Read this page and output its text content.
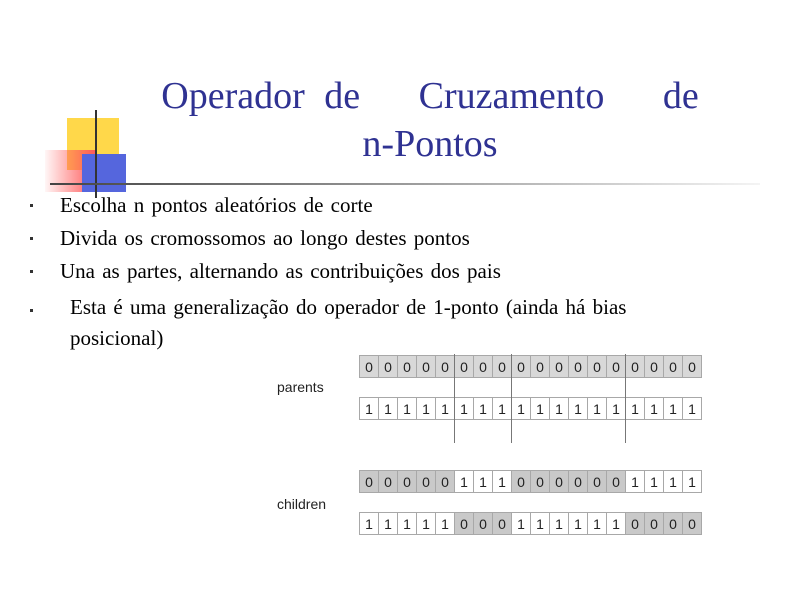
Operador de   Cruzamento   de
n-Pontos
Escolha n pontos aleatórios de corte
Divida os cromossomos ao longo destes pontos
Una as partes, alternando as contribuições dos pais
Esta é uma generalização do operador de 1-ponto (ainda há bias posicional)
parents
children
0 0 0 0 0 0 0 0 0 0 0 0 0 0 0 0 0 0
1 1 1 1 1 1 1 1 1 1 1 1 1 1 1 1 1 1
0 0 0 0 0 1 1 1 0 0 0 0 0 0 1 1 1 1
1 1 1 1 1 0 0 0 1 1 1 1 1 1 0 0 0 0
